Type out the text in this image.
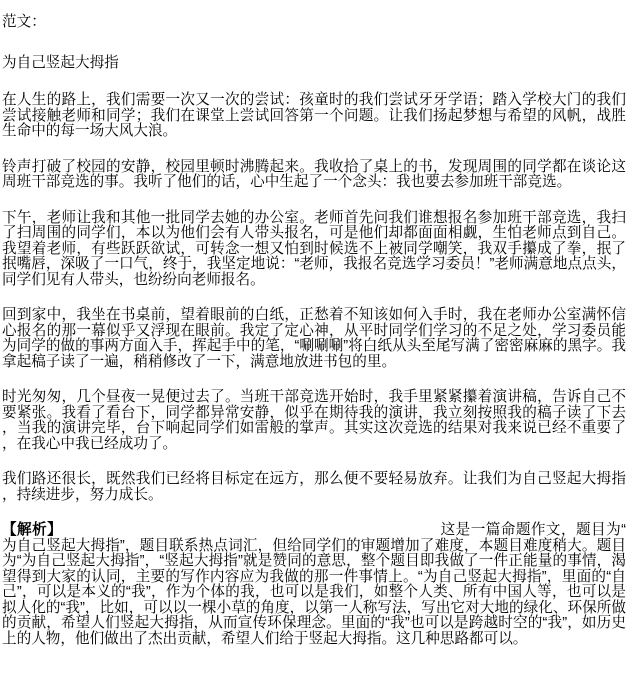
范文：

为自己竖起大拇指

在人生的路上，我们需要一次又一次的尝试：孩童时的我们尝试牙牙学语；踏入学校大门的我们尝试接触老师和同学；我们在课堂上尝试回答第一个问题。让我们扬起梦想与希望的风帆，战胜生命中的每一场大风大浪。

铃声打破了校园的安静，校园里顿时沸腾起来。我收拾了桌上的书，发现周围的同学都在谈论这周班干部竞选的事。我听了他们的话，心中生起了一个念头：我也要去参加班干部竞选。

下午，老师让我和其他一批同学去她的办公室。老师首先问我们谁想报名参加班干部竞选，我扫了扫周围的同学们，本以为他们会有人带头报名，可是他们却都面面相觑，生怕老师点到自己。我望着老师，有些跃跃欲试，可转念一想又怕到时候选不上被同学嘲笑，我双手攥成了拳，抿了抿嘴唇，深吸了一口气，终于，我坚定地说：“老师，我报名竞选学习委员！”老师满意地点点头，同学们见有人带头，也纷纷向老师报名。

回到家中，我坐在书桌前，望着眼前的白纸，正愁着不知该如何入手时，我在老师办公室满怀信心报名的那一幕似乎又浮现在眼前。我定了定心神，从平时同学们学习的不足之处，学习委员能为同学的做的事两方面入手，挥起手中的笔，“唰唰唰”将白纸从头至尾写满了密密麻麻的黑字。我拿起稿子读了一遍，稍稍修改了一下，满意地放进书包的里。

时光匆匆，几个昼夜一晃便过去了。当班干部竞选开始时，我手里紧紧攥着演讲稿，告诉自己不要紧张。我看了看台下，同学都异常安静，似乎在期待我的演讲，我立刻按照我的稿子读了下去，当我的演讲完毕，台下响起同学们如雷般的掌声。其实这次竞选的结果对我来说已经不重要了，在我心中我已经成功了。

我们路还很长，既然我们已经将目标定在远方，那么便不要轻易放弃。让我们为自己竖起大拇指，持续进步，努力成长。

【解析】	这是一篇命题作文，题目为“为自己竖起大拇指”，题目联系热点词汇，但给同学们的审题增加了难度，本题目难度稍大。题目为“为自己竖起大拇指”，“竖起大拇指”就是赞同的意思，整个题目即我做了一件正能量的事情，渴望得到大家的认同，主要的写作内容应为我做的那一件事情上。“为自己竖起大拇指”，里面的“自己”，可以是本义的“我”，作为个体的我，也可以是我们，如整个人类、所有中国人等，也可以是拟人化的“我”，比如，可以以一棵小草的角度，以第一人称写法，写出它对大地的绿化、环保所做的贡献，希望人们竖起大拇指，从而宣传环保理念。里面的“我”也可以是跨越时空的“我”，如历史上的人物，他们做出了杰出贡献，希望人们给于竖起大拇指。这几种思路都可以。
